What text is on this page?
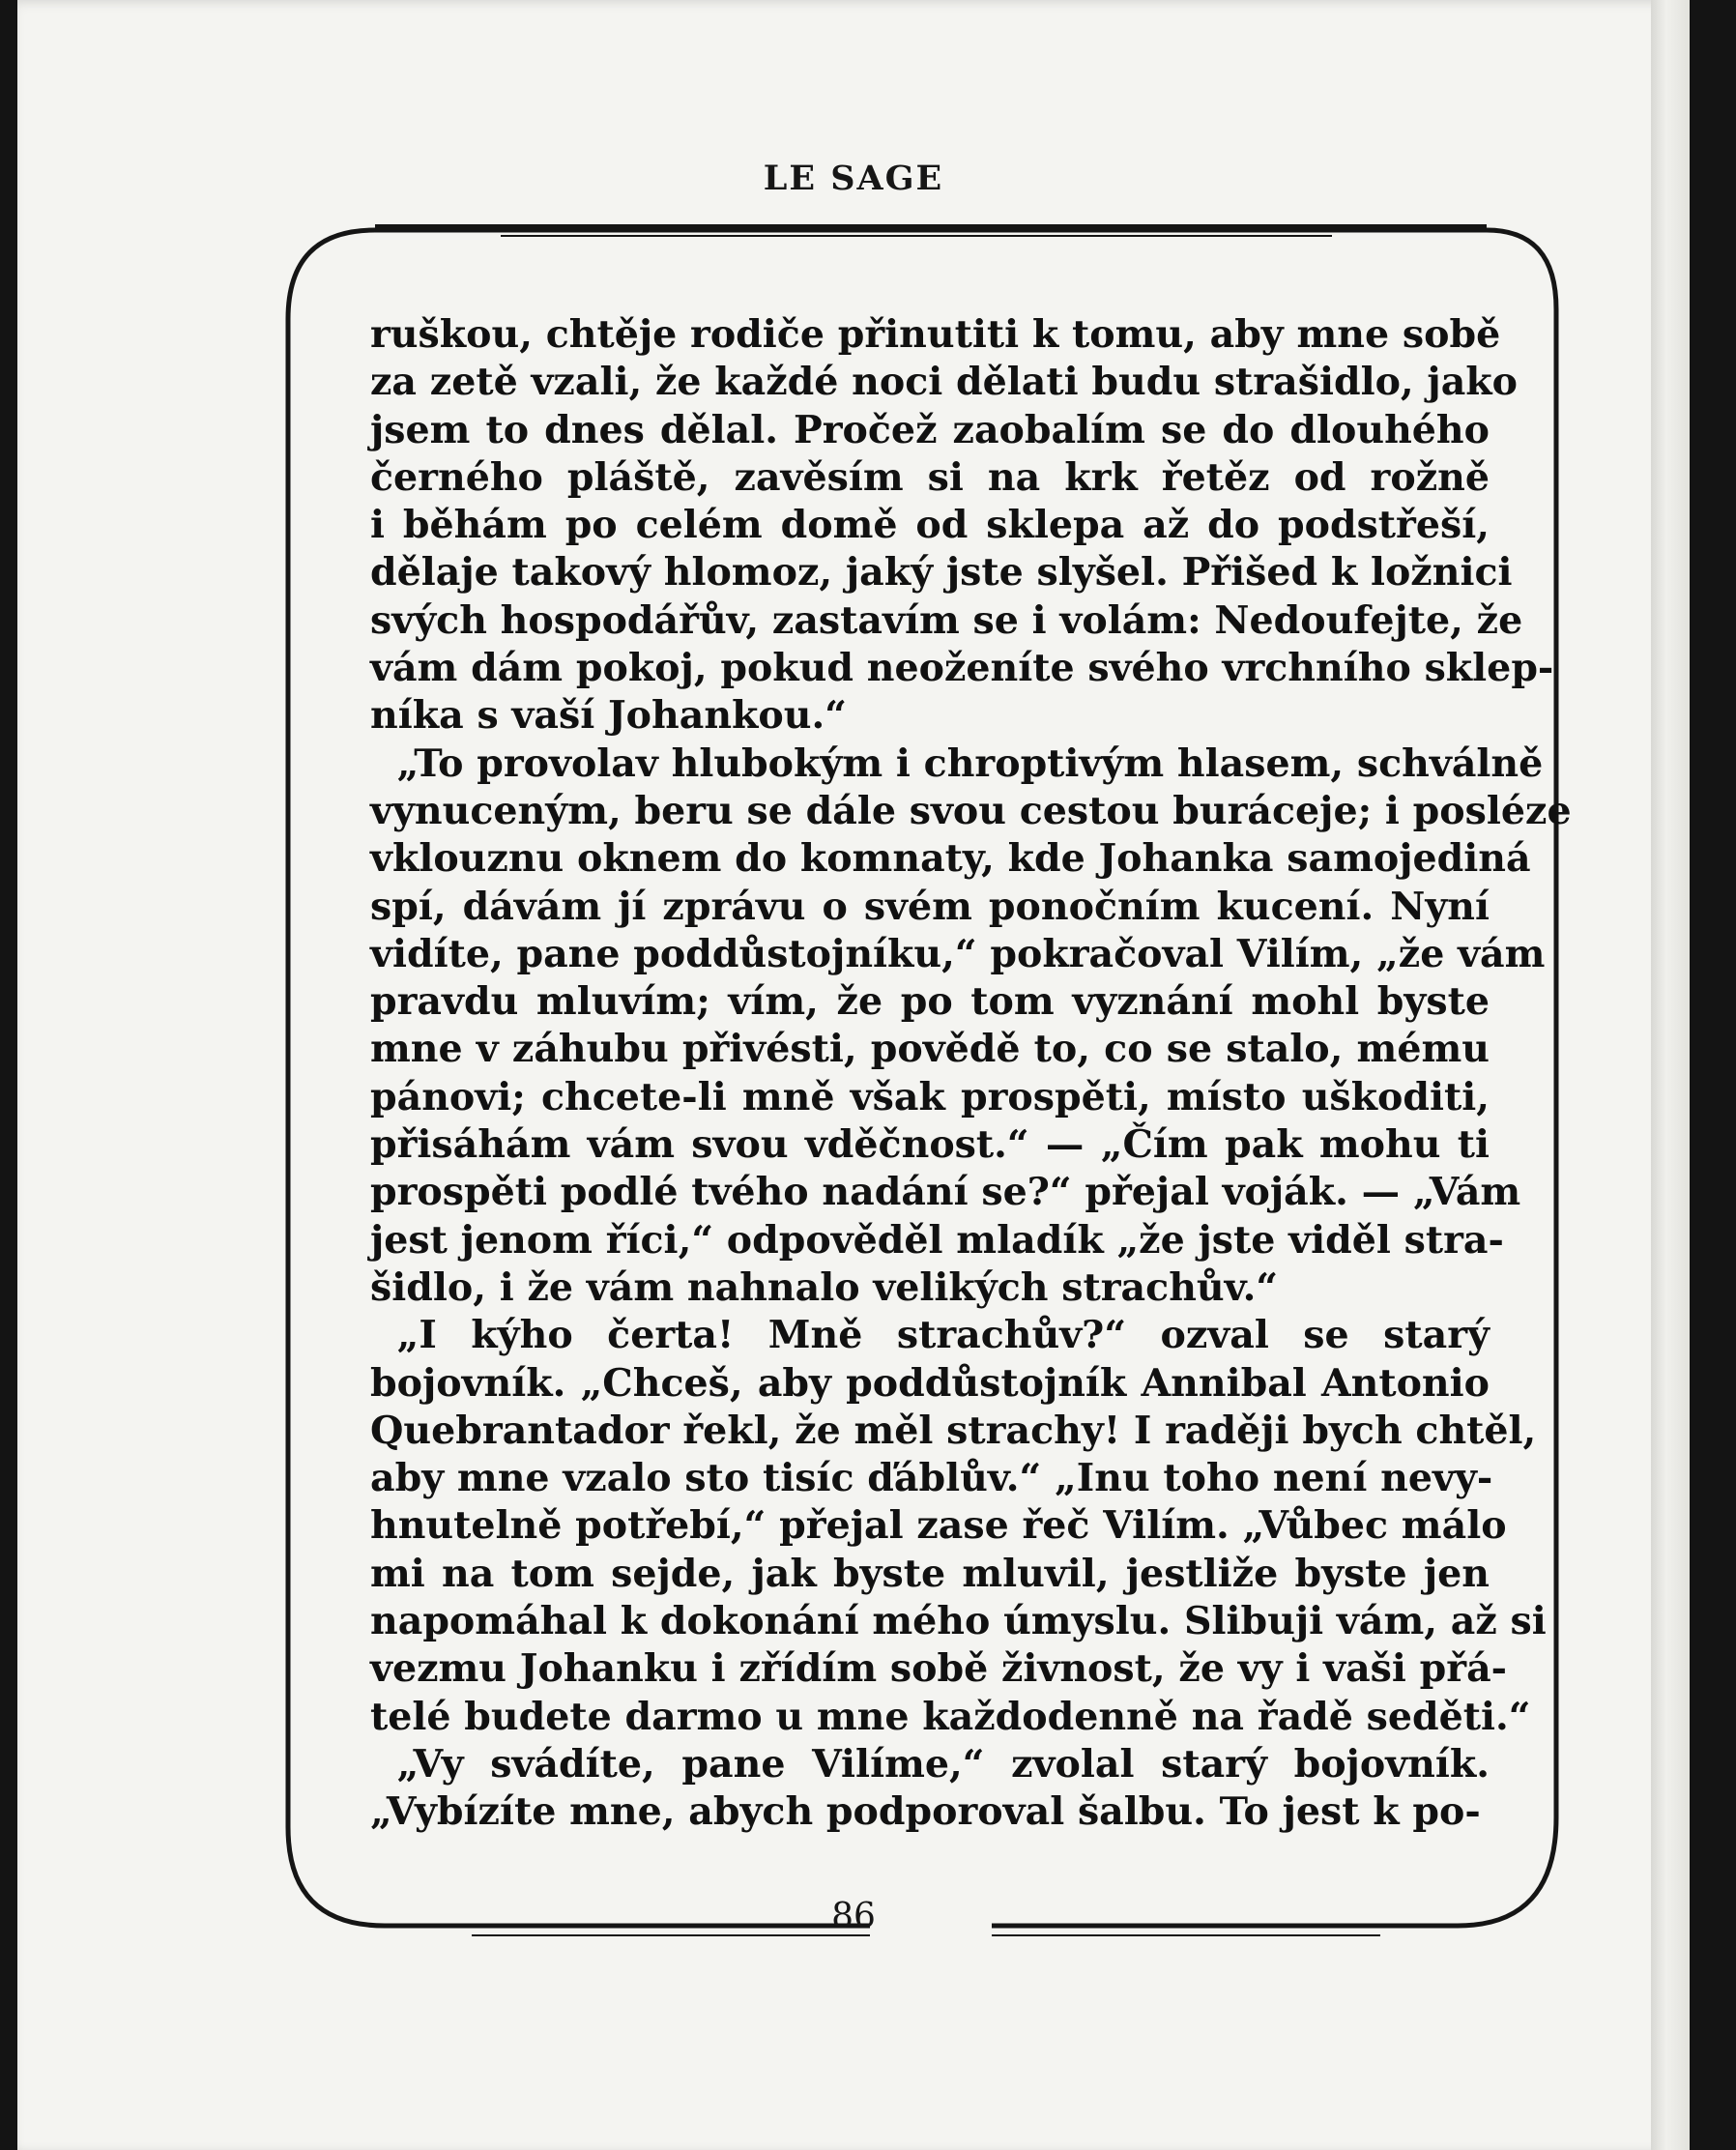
LE SAGE
ruškou, chtěje rodiče přinutiti k tomu, aby mne sobě
za zetě vzali, že každé noci dělati budu strašidlo, jako
jsem to dnes dělal. Pročež zaobalím se do dlouhého
černého pláště, zavěsím si na krk řetěz od rožně
i běhám po celém domě od sklepa až do podstřeší,
dělaje takový hlomoz, jaký jste slyšel. Přišed k ložnici
svých hospodářův, zastavím se i volám: Nedoufejte, že
vám dám pokoj, pokud neoženíte svého vrchního sklep-
níka s vaší Johankou.“
„To provolav hlubokým i chroptivým hlasem, schválně
vynuceným, beru se dále svou cestou buráceje; i posléze
vklouznu oknem do komnaty, kde Johanka samojediná
spí, dávám jí zprávu o svém ponočním kucení. Nyní
vidíte, pane poddůstojníku,“ pokračoval Vilím, „že vám
pravdu mluvím; vím, že po tom vyznání mohl byste
mne v záhubu přivésti, povědě to, co se stalo, mému
pánovi; chcete-li mně však prospěti, místo uškoditi,
přisáhám vám svou vděčnost.“ — „Čím pak mohu ti
prospěti podlé tvého nadání se?“ přejal voják. — „Vám
jest jenom říci,“ odpověděl mladík „že jste viděl stra-
šidlo, i že vám nahnalo velikých strachův.“
„I kýho čerta! Mně strachův?“ ozval se starý
bojovník. „Chceš, aby poddůstojník Annibal Antonio
Quebrantador řekl, že měl strachy! I raději bych chtěl,
aby mne vzalo sto tisíc ďáblův.“ „Inu toho není nevy-
hnutelně potřebí,“ přejal zase řeč Vilím. „Vůbec málo
mi na tom sejde, jak byste mluvil, jestliže byste jen
napomáhal k dokonání mého úmyslu. Slibuji vám, až si
vezmu Johanku i zřídím sobě živnost, že vy i vaši přá-
telé budete darmo u mne každodenně na řadě seděti.“
„Vy svádíte, pane Vilíme,“ zvolal starý bojovník.
„Vybízíte mne, abych podporoval šalbu. To jest k po-
86
